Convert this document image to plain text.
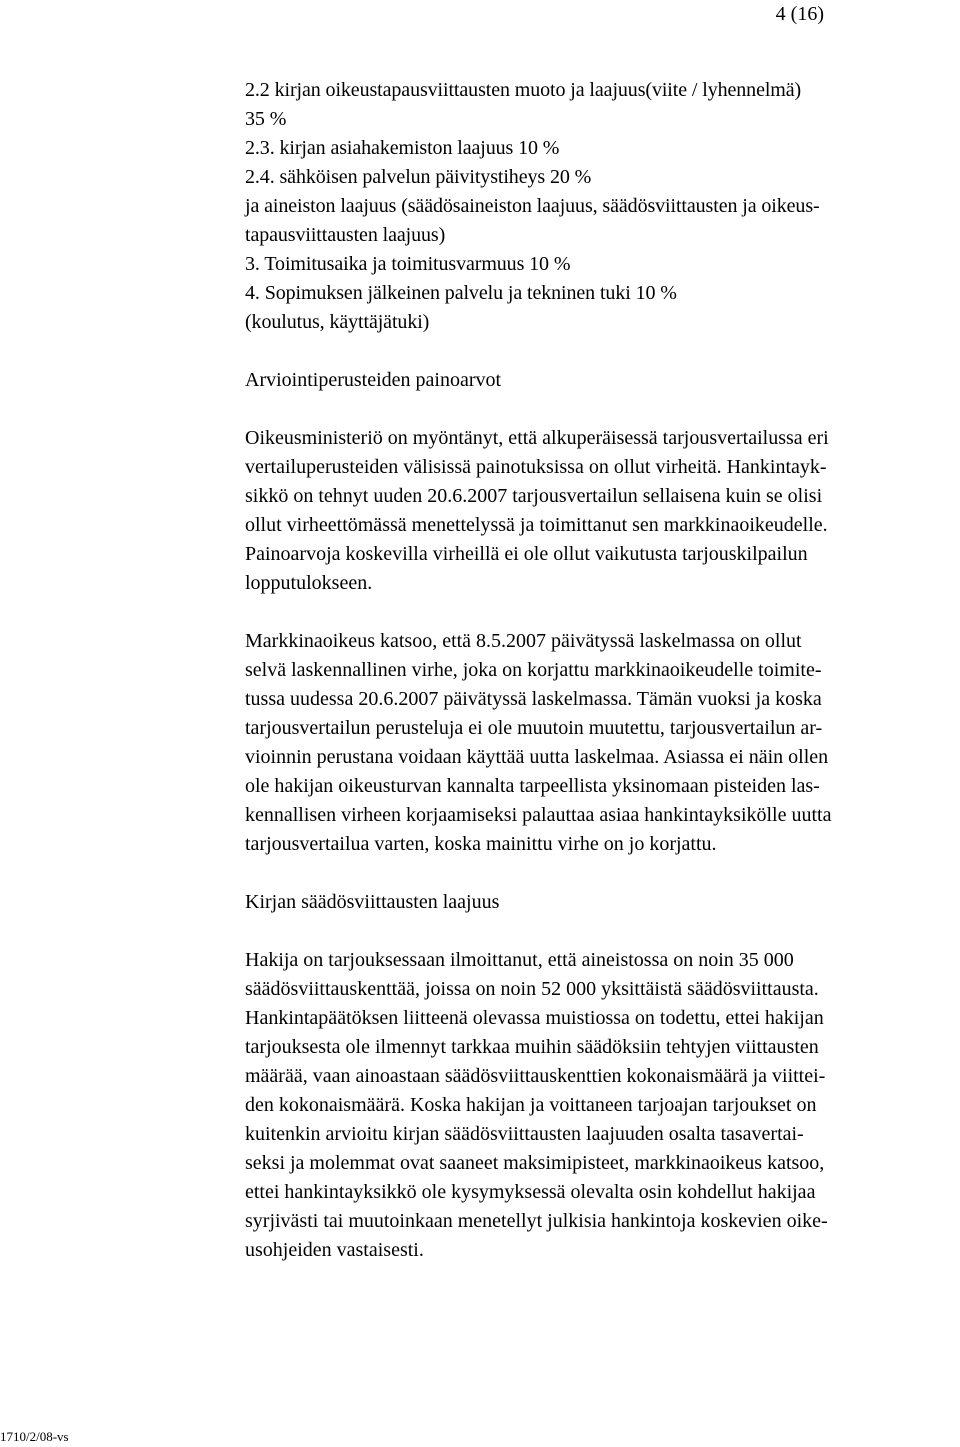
4 (16)
2.2 kirjan oikeustapausviittausten muoto ja laajuus(viite / lyhennelmä)
35 %
2.3. kirjan asiahakemiston laajuus 10 %
2.4. sähköisen palvelun päivitystiheys 20 %
ja aineiston laajuus (säädösaineiston laajuus, säädösviittausten ja oikeus-
tapausviittausten laajuus)
3. Toimitusaika ja toimitusvarmuus 10 %
4. Sopimuksen jälkeinen palvelu ja tekninen tuki 10 %
(koulutus, käyttäjätuki)
Arviointiperusteiden painoarvot
Oikeusministeriö on myöntänyt, että alkuperäisessä tarjousvertailussa eri
vertailuperusteiden välisissä painotuksissa on ollut virheitä. Hankintayk-
sikkö on tehnyt uuden 20.6.2007 tarjousvertailun sellaisena kuin se olisi
ollut virheettömässä menettelyssä ja toimittanut sen markkinaoikeudelle.
Painoarvoja koskevilla virheillä ei ole ollut vaikutusta tarjouskilpailun
lopputulokseen.
Markkinaoikeus katsoo, että 8.5.2007 päivätyssä laskelmassa on ollut
selvä laskennallinen virhe, joka on korjattu markkinaoikeudelle toimite-
tussa uudessa 20.6.2007 päivätyssä laskelmassa. Tämän vuoksi ja koska
tarjousvertailun perusteluja ei ole muutoin muutettu, tarjousvertailun ar-
vioinnin perustana voidaan käyttää uutta laskelmaa. Asiassa ei näin ollen
ole hakijan oikeusturvan kannalta tarpeellista yksinomaan pisteiden las-
kennallisen virheen korjaamiseksi palauttaa asiaa hankintayksikölle uutta
tarjousvertailua varten, koska mainittu virhe on jo korjattu.
Kirjan säädösviittausten laajuus
Hakija on tarjouksessaan ilmoittanut, että aineistossa on noin 35 000
säädösviittauskenttää, joissa on noin 52 000 yksittäistä säädösviittausta.
Hankintapäätöksen liitteenä olevassa muistiossa on todettu, ettei hakijan
tarjouksesta ole ilmennyt tarkkaa muihin säädöksiin tehtyjen viittausten
määrää, vaan ainoastaan säädösviittauskenttien kokonaismäärä ja viittei-
den kokonaismäärä. Koska hakijan ja voittaneen tarjoajan tarjoukset on
kuitenkin arvioitu kirjan säädösviittausten laajuuden osalta tasavertai-
seksi ja molemmat ovat saaneet maksimipisteet, markkinaoikeus katsoo,
ettei hankintayksikkö ole kysymyksessä olevalta osin kohdellut hakijaa
syrjivästi tai muutoinkaan menetellyt julkisia hankintoja koskevien oike-
usohjeiden vastaisesti.
1710/2/08-vs
